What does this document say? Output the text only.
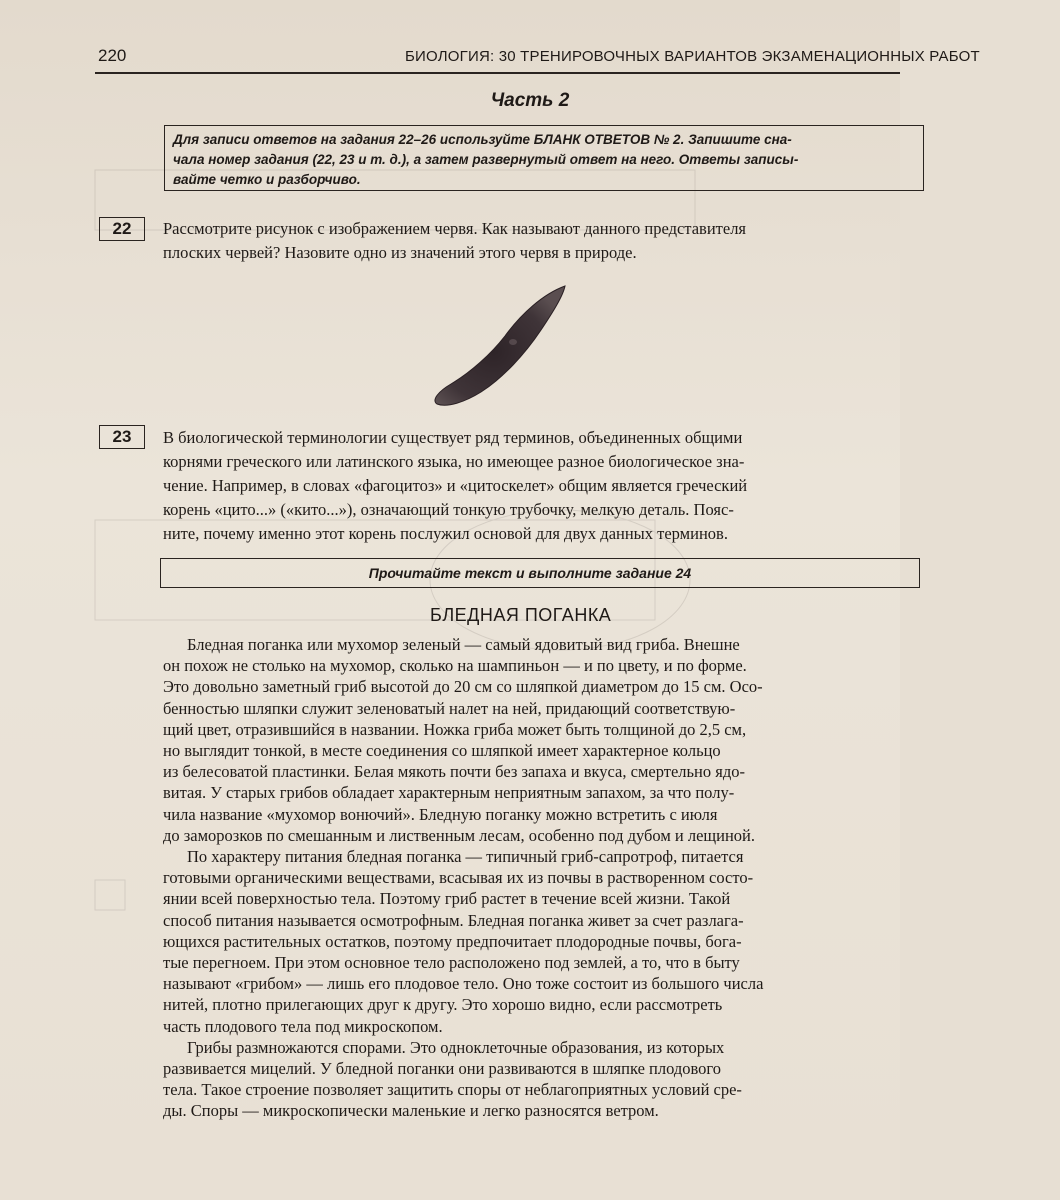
220	БИОЛОГИЯ: 30 ТРЕНИРОВОЧНЫХ ВАРИАНТОВ ЭКЗАМЕНАЦИОННЫХ РАБОТ
Часть 2
Для записи ответов на задания 22–26 используйте БЛАНК ОТВЕТОВ № 2. Запишите сна-
чала номер задания (22, 23 и т. д.), а затем развернутый ответ на него. Ответы записы-
вайте четко и разборчиво.
22	Рассмотрите рисунок с изображением червя. Как называют данного представителя
плоских червей? Назовите одно из значений этого червя в природе.
23	В биологической терминологии существует ряд терминов, объединенных общими
корнями греческого или латинского языка, но имеющее разное биологическое зна-
чение. Например, в словах «фагоцитоз» и «цитоскелет» общим является греческий
корень «цито...» («кито...»), означающий тонкую трубочку, мелкую деталь. Пояс-
ните, почему именно этот корень послужил основой для двух данных терминов.
Прочитайте текст и выполните задание 24
БЛЕДНАЯ ПОГАНКА
Бледная поганка или мухомор зеленый — самый ядовитый вид гриба. Внешне
он похож не столько на мухомор, сколько на шампиньон — и по цвету, и по форме.
Это довольно заметный гриб высотой до 20 см со шляпкой диаметром до 15 см. Осо-
бенностью шляпки служит зеленоватый налет на ней, придающий соответствую-
щий цвет, отразившийся в названии. Ножка гриба может быть толщиной до 2,5 см,
но выглядит тонкой, в месте соединения со шляпкой имеет характерное кольцо
из белесоватой пластинки. Белая мякоть почти без запаха и вкуса, смертельно ядо-
витая. У старых грибов обладает характерным неприятным запахом, за что полу-
чила название «мухомор вонючий». Бледную поганку можно встретить с июля
до заморозков по смешанным и лиственным лесам, особенно под дубом и лещиной.
По характеру питания бледная поганка — типичный гриб-сапротроф, питается
готовыми органическими веществами, всасывая их из почвы в растворенном состо-
янии всей поверхностью тела. Поэтому гриб растет в течение всей жизни. Такой
способ питания называется осмотрофным. Бледная поганка живет за счет разлага-
ющихся растительных остатков, поэтому предпочитает плодородные почвы, бога-
тые перегноем. При этом основное тело расположено под землей, а то, что в быту
называют «грибом» — лишь его плодовое тело. Оно тоже состоит из большого числа
нитей, плотно прилегающих друг к другу. Это хорошо видно, если рассмотреть
часть плодового тела под микроскопом.
Грибы размножаются спорами. Это одноклеточные образования, из которых
развивается мицелий. У бледной поганки они развиваются в шляпке плодового
тела. Такое строение позволяет защитить споры от неблагоприятных условий сре-
ды. Споры — микроскопически маленькие и легко разносятся ветром.
